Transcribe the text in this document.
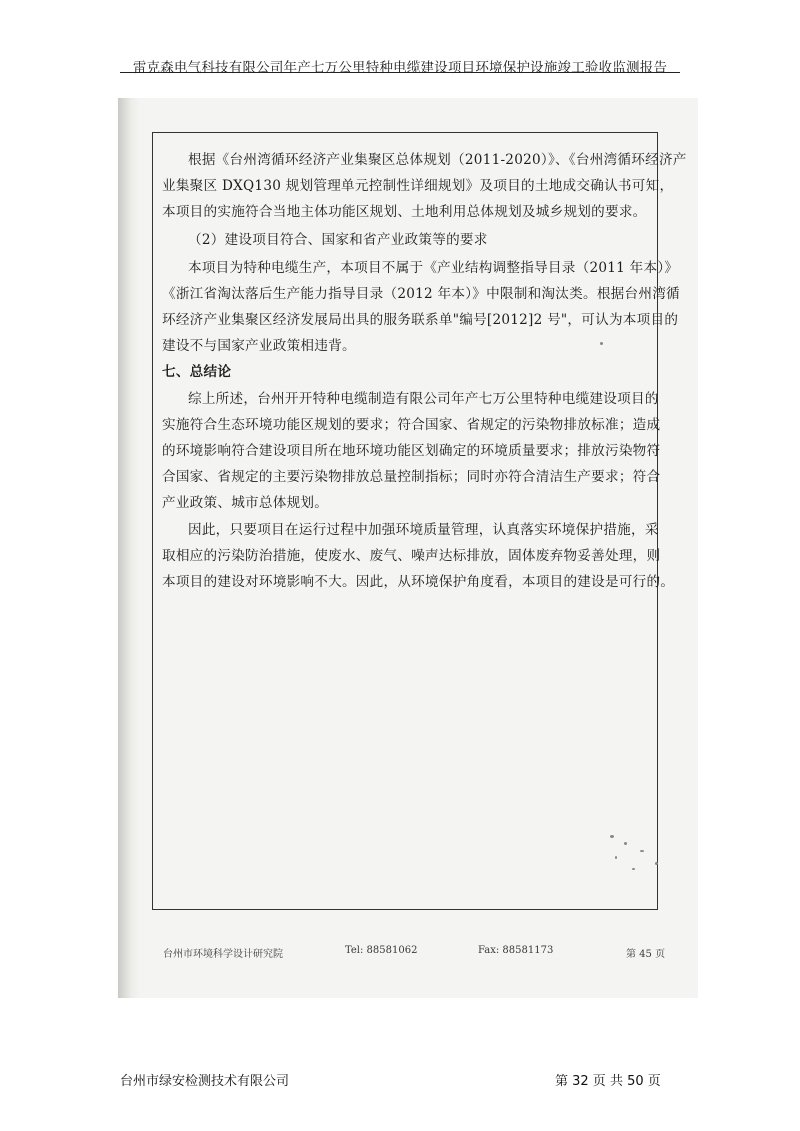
雷克森电气科技有限公司年产七万公里特种电缆建设项目环境保护设施竣工验收监测报告
根据《台州湾循环经济产业集聚区总体规划（2011-2020）》、《台州湾循环经济产
业集聚区 DXQ130 规划管理单元控制性详细规划》及项目的土地成交确认书可知，
本项目的实施符合当地主体功能区规划、土地利用总体规划及城乡规划的要求。
（2）建设项目符合、国家和省产业政策等的要求
本项目为特种电缆生产，本项目不属于《产业结构调整指导目录（2011 年本）》
《浙江省淘汰落后生产能力指导目录（2012 年本）》中限制和淘汰类。根据台州湾循
环经济产业集聚区经济发展局出具的服务联系单"编号[2012]2 号"，可认为本项目的
建设不与国家产业政策相违背。
七、总结论
综上所述，台州开开特种电缆制造有限公司年产七万公里特种电缆建设项目的
实施符合生态环境功能区规划的要求；符合国家、省规定的污染物排放标准；造成
的环境影响符合建设项目所在地环境功能区划确定的环境质量要求；排放污染物符
合国家、省规定的主要污染物排放总量控制指标；同时亦符合清洁生产要求；符合
产业政策、城市总体规划。
因此，只要项目在运行过程中加强环境质量管理，认真落实环境保护措施，采
取相应的污染防治措施，使废水、废气、噪声达标排放，固体废弃物妥善处理，则
本项目的建设对环境影响不大。因此，从环境保护角度看，本项目的建设是可行的。
台州市环境科学设计研究院	Tel: 88581062	Fax: 88581173	第 45 页
台州市绿安检测技术有限公司	第 32 页 共 50 页
